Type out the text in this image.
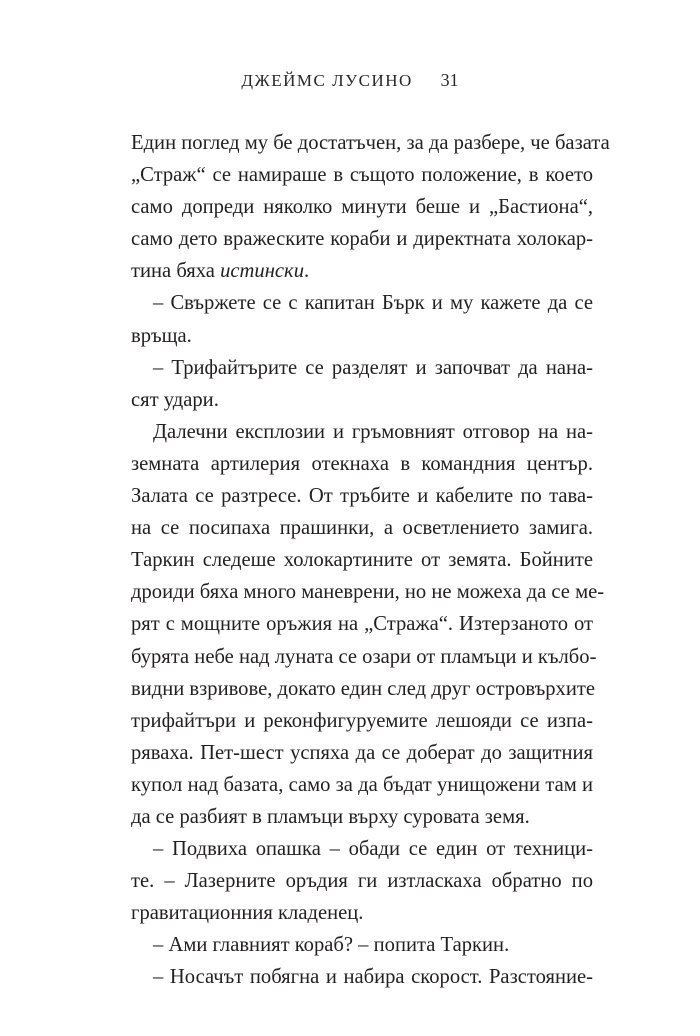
ДЖЕЙМС ЛУСИНО 31
Един поглед му бе достатъчен, за да разбере, че базата
„Страж“ се намираше в същото положение, в което
само допреди няколко минути беше и „Бастиона“,
само дето вражеските кораби и директната холокар-
тина бяха истински.
– Свържете се с капитан Бърк и му кажете да се
връща.
– Трифайтърите се разделят и започват да нана-
сят удари.
Далечни експлозии и гръмовният отговор на на-
земната артилерия отекнаха в командния център.
Залата се разтресе. От тръбите и кабелите по тава-
на се посипаха прашинки, а осветлението замига.
Таркин следеше холокартините от земята. Бойните
дроиди бяха много маневрени, но не можеха да се ме-
рят с мощните оръжия на „Стража“. Изтерзаното от
бурята небе над луната се озари от пламъци и кълбо-
видни взривове, докато един след друг островърхите
трифайтъри и реконфигуруемите лешояди се изпа-
ряваха. Пет-шест успяха да се доберат до защитния
купол над базата, само за да бъдат унищожени там и
да се разбият в пламъци върху суровата земя.
– Подвиха опашка – обади се един от техници-
те. – Лазерните оръдия ги изтласкаха обратно по
гравитационния кладенец.
– Ами главният кораб? – попита Таркин.
– Носачът побягна и набира скорост. Разстояние-
